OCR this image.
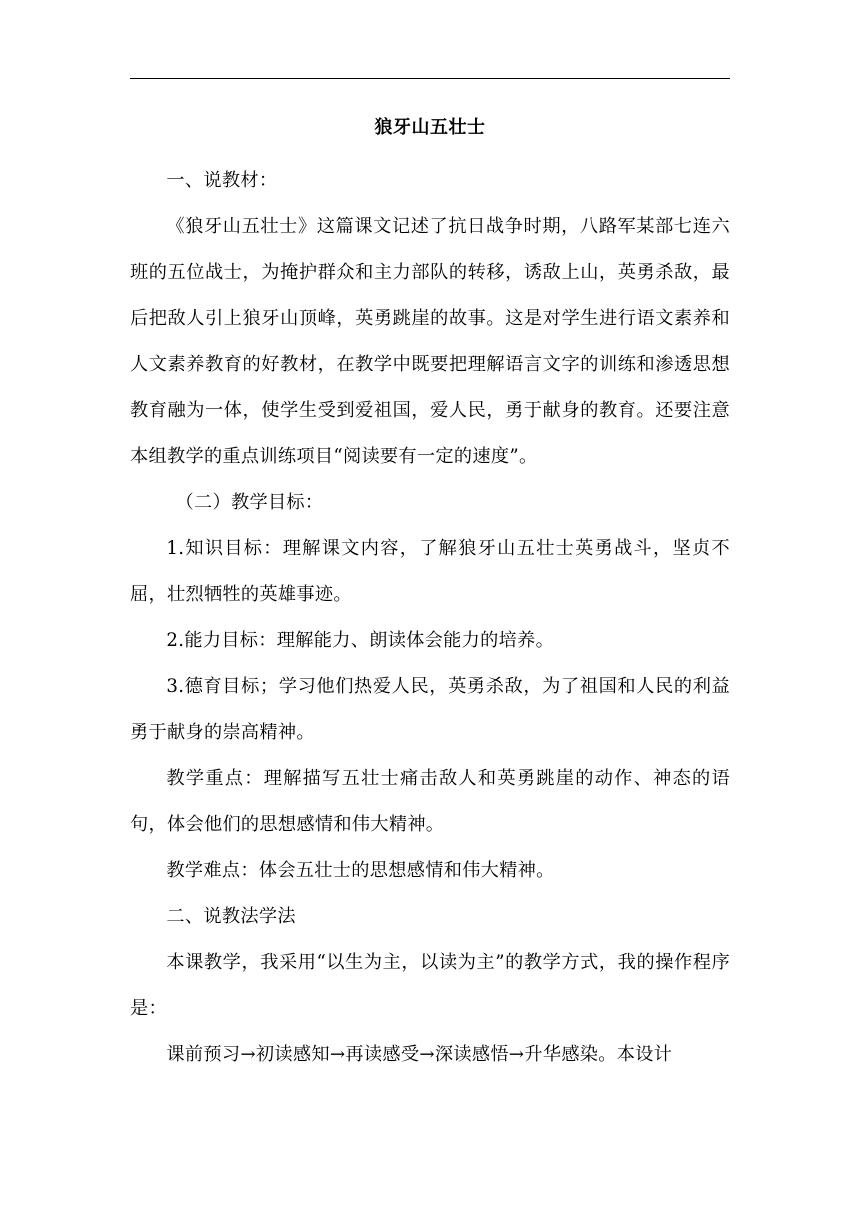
狼牙山五壮士

一、说教材：

《狼牙山五壮士》这篇课文记述了抗日战争时期，八路军某部七连六班的五位战士，为掩护群众和主力部队的转移，诱敌上山，英勇杀敌，最后把敌人引上狼牙山顶峰，英勇跳崖的故事。这是对学生进行语文素养和人文素养教育的好教材，在教学中既要把理解语言文字的训练和渗透思想教育融为一体，使学生受到爱祖国，爱人民，勇于献身的教育。还要注意本组教学的重点训练项目“阅读要有一定的速度”。

（二）教学目标：

1.知识目标：理解课文内容，了解狼牙山五壮士英勇战斗，坚贞不屈，壮烈牺牲的英雄事迹。

2.能力目标：理解能力、朗读体会能力的培养。

3.德育目标；学习他们热爱人民，英勇杀敌，为了祖国和人民的利益勇于献身的崇高精神。

教学重点：理解描写五壮士痛击敌人和英勇跳崖的动作、神态的语句，体会他们的思想感情和伟大精神。

教学难点：体会五壮士的思想感情和伟大精神。

二、说教法学法

本课教学，我采用“以生为主，以读为主”的教学方式，我的操作程序是：

课前预习→初读感知→再读感受→深读感悟→升华感染。本设计
